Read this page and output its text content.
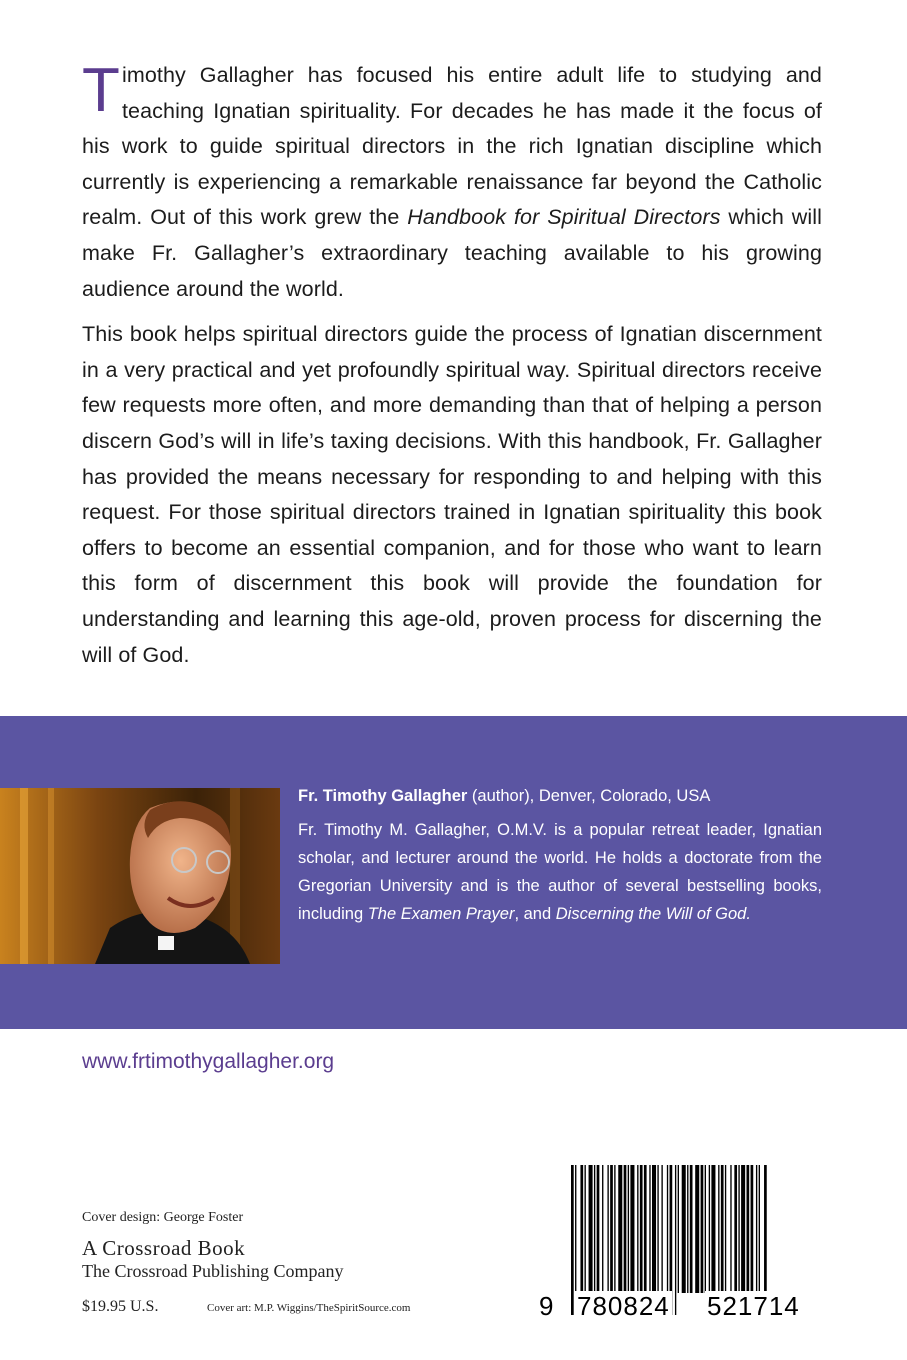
Timothy Gallagher has focused his entire adult life to studying and teaching Ignatian spirituality. For decades he has made it the focus of his work to guide spiritual directors in the rich Ignatian discipline which currently is experiencing a remarkable renaissance far beyond the Catholic realm. Out of this work grew the Handbook for Spiritual Directors which will make Fr. Gallagher’s extraordinary teaching available to his growing audience around the world.

This book helps spiritual directors guide the process of Ignatian discernment in a very practical and yet profoundly spiritual way. Spiritual directors receive few requests more often, and more demanding than that of helping a person discern God’s will in life’s taxing decisions. With this handbook, Fr. Gallagher has provided the means necessary for responding to and helping with this request. For those spiritual directors trained in Ignatian spirituality this book offers to become an essential companion, and for those who want to learn this form of discernment this book will provide the foundation for understanding and learning this age-old, proven process for discerning the will of God.

Fr. Timothy Gallagher (author), Denver, Colorado, USA

Fr. Timothy M. Gallagher, O.M.V. is a popular retreat leader, Ignatian scholar, and lecturer around the world. He holds a doctorate from the Gregorian University and is the author of several bestselling books, including The Examen Prayer, and Discerning the Will of God.

www.frtimothygallagher.org
Cover design: George Foster
A Crossroad Book
The Crossroad Publishing Company
$19.95 U.S.	Cover art: M.P. Wiggins/TheSpiritSource.com	9 780824 521714
